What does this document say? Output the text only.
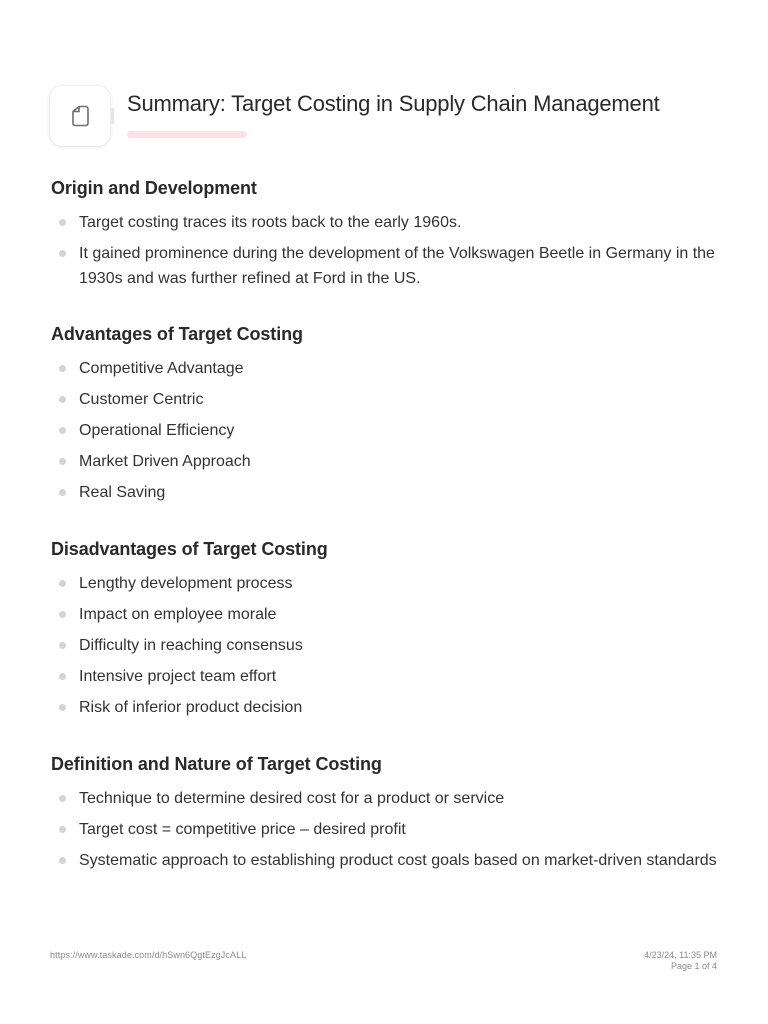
Summary: Target Costing in Supply Chain Management
Origin and Development
Target costing traces its roots back to the early 1960s.
It gained prominence during the development of the Volkswagen Beetle in Germany in the 1930s and was further refined at Ford in the US.
Advantages of Target Costing
Competitive Advantage
Customer Centric
Operational Efficiency
Market Driven Approach
Real Saving
Disadvantages of Target Costing
Lengthy development process
Impact on employee morale
Difficulty in reaching consensus
Intensive project team effort
Risk of inferior product decision
Definition and Nature of Target Costing
Technique to determine desired cost for a product or service
Target cost = competitive price – desired profit
Systematic approach to establishing product cost goals based on market-driven standards
https://www.taskade.com/d/hSwn6QgtEzgJcALL	4/23/24, 11:35 PM
Page 1 of 4
